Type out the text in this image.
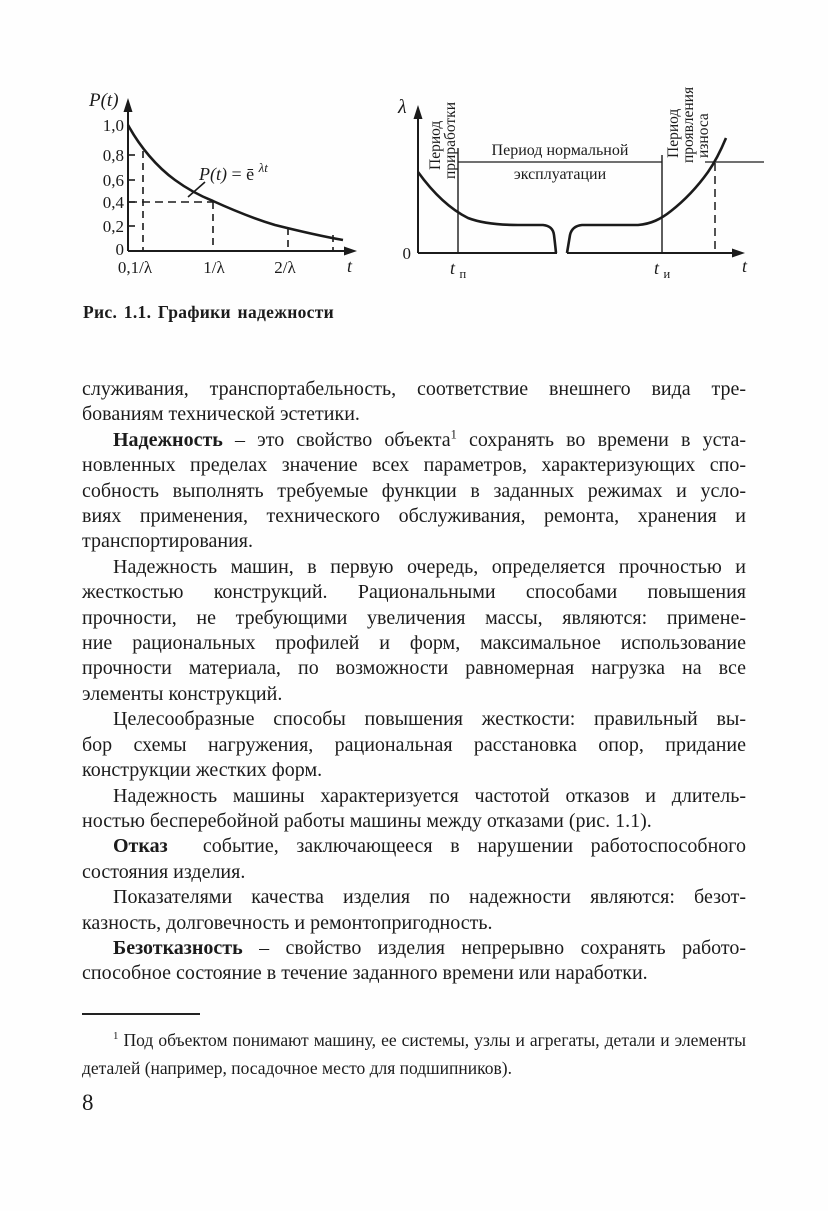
P(t)
1,0
0,8
0,6
0,4
0,2
0
P(t) = ē $^{\lambda t}$
0,1/λ	1/λ	2/λ	t
λ
0
Период
приработки Период нормальной
эксплуатации
Период
проявления
износа
t $_п$	t $_и$	t
Рис. 1.1. Графики надежности
служивания, транспортабельность, соответствие внешнего вида тре-
бованиям технической эстетики.
Надежность – это свойство объекта$^1$ сохранять во времени в уста-
новленных пределах значение всех параметров, характеризующих спо-
собность выполнять требуемые функции в заданных режимах и усло-
виях применения, технического обслуживания, ремонта, хранения и
транспортирования.
Надежность машин, в первую очередь, определяется прочностью и
жесткостью конструкций. Рациональными способами повышения
прочности, не требующими увеличения массы, являются: примене-
ние рациональных профилей и форм, максимальное использование
прочности материала, по возможности равномерная нагрузка на все
элементы конструкций.
Целесообразные способы повышения жесткости: правильный вы-
бор схемы нагружения, рациональная расстановка опор, придание
конструкции жестких форм.
Надежность машины характеризуется частотой отказов и длитель-
ностью бесперебойной работы машины между отказами (рис. 1.1).
Отказ  событие, заключающееся в нарушении работоспособного
состояния изделия.
Показателями качества изделия по надежности являются: безот-
казность, долговечность и ремонтопригодность.
Безотказность – свойство изделия непрерывно сохранять работо-
способное состояние в течение заданного времени или наработки.
$^1$ Под объектом понимают машину, ее системы, узлы и агрегаты, детали и элементы
деталей (например, посадочное место для подшипников).
8
